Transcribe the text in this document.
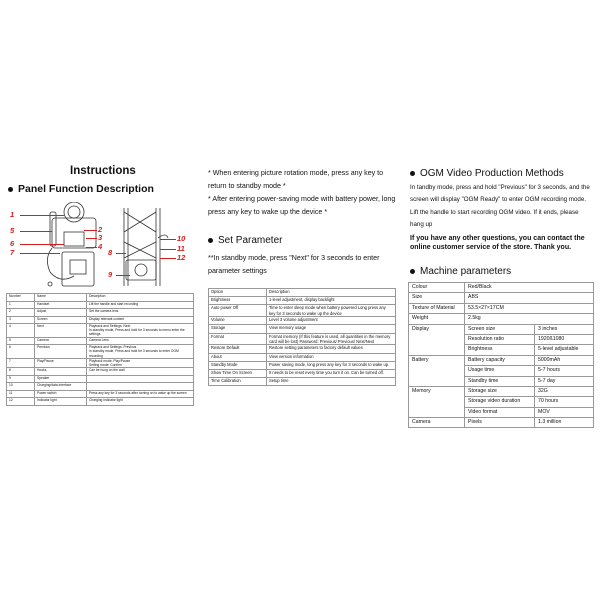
Instructions
Panel Function Description
1
5
6
7
2
3
4
8
9
10
11
12
Number	Name	Description
1	Handset	Lift the handle and start recording
2	Adjust	Set the camera lens
3	Screen	Display relevant content
4	Next	Playback and Settings: Next
In standby mode, Press and hold for 3 seconds to menu enter the settings
5	Camera	Camera Lens
6	Previous	Playback and Settings: Previous
In standby mode, Press and hold for 3 seconds to enter OGM recording
7	Play/Pause	Playback mode: Play/Pause
Setting mode: Confirm
8	Hooks	Can be hung on the wall
9	Speaker	
10	Charging/data interface	
11	Power switch	Press any key for 3 seconds after turning on to wake up the screen
12	Indicator light	Charging indicator light
* When entering picture rotation mode, press any key to return to standby mode *
* After entering power-saving mode with battery power, long press any key to wake up the device *
Set Parameter
**In standby mode, press "Next" for 3 seconds to enter parameter settings
Option	Description
Brightness	1-level adjustment, display backlight
Auto power Off	Time to enter sleep mode when battery powered Long press any key for 3 seconds to wake up the device
Volume	Level 3 volume adjustment
Storage	View memory usage
Format	Format memory (If this feature is used, all quantities in the memory card will be lost) Password: Previous/ Previous/ Next/Next
Restore Default	Restore setting parameters to factory default values
About	View version information
Standby Mode	Power saving mode, long press any key for 3 seconds to wake up.
Show Time On Screen	It needs to be reset every time you turn it on. Can be turned off.
Time Calibration	Setup time
OGM Video Production Methods
In tandby mode, press and hold "Previous" for 3 seconds, and the screen will display "OGM Ready" to enter OGM recording mode. Lift the handle to start recording OGM video. If it ends, please hang up
If you have any other questions, you can contact the online customer service of the store. Thank you.
Machine parameters
Colour	Red/Black	
Size	ABS	
Texture of Material	53.5×27×17CM	
Weight	2.5kg	
Display	Screen size	3 inches
	Resolution ratio	1920ß1080
	Brightness	5-level adjustable
Battery	Battery capacity	5000mAh
	Usage time	5-7 hours
	Standby time	5-7 day
Memory	Storage size	32G
	Storage video duration	70 hours
	Video format	MOV
Camera	Pixels	1.3 million
